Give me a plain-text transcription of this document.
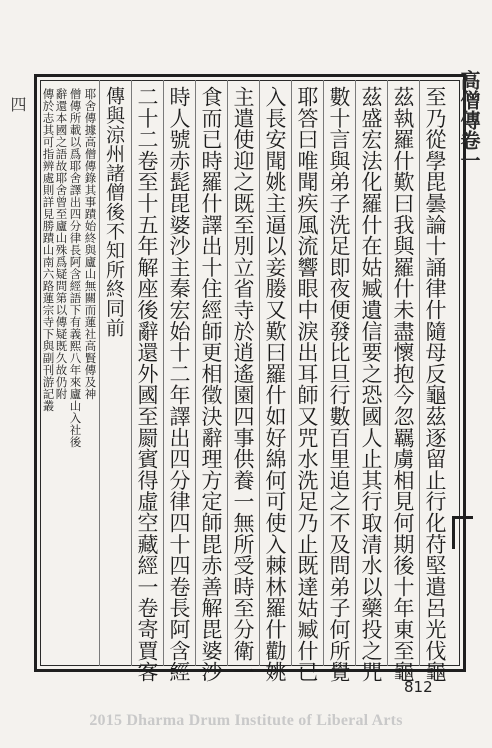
高僧傳卷一
四	至乃從學毘曇論十誦律什隨母反龜茲逐留止行化苻堅遣呂光伐龜
茲執羅什歎曰我與羅什未盡懷抱今忽羈虜相見何期後十年東至龜
茲盛宏法化羅什在姑臧遺信要之恐國人止其行取清水以藥投之咒
數十言與弟子洗足即夜便發比旦行數百里追之不及問弟子何所覺
耶答曰唯聞疾風流響眼中淚出耳師又咒水洗足乃止既達姑臧什已
入長安聞姚主逼以妾媵又歎曰羅什如好綿何可使入棘林羅什勸姚
主遣使迎之既至別立省寺於逍遙園四事供養一無所受時至分衛一
食而已時羅什譯出十住經師更相徵決辭理方定師毘赤善解毘婆沙
時人號赤髭毘婆沙主秦宏始十二年譯出四分律四十四卷長阿含經
二十二卷至十五年解座後辭還外國至罽賓得虛空藏經一卷寄賈客
傳與涼州諸僧後不知所終同前
耶舍傳據高僧傳錄其事蹟始終與廬山無關而蓮社高賢傳及神
僧傳所載以爲耶舍譯出四分律長阿含經語下有義熙八年來廬山入社後
辭還本國之語故耶舍曾至廬山殊爲疑問第以傳疑既久故仍附
傳於志其可指辨處則詳見勝蹟山南六路蓮宗寺下與副刊游記叢
812
2015 Dharma Drum Institute of Liberal Arts
